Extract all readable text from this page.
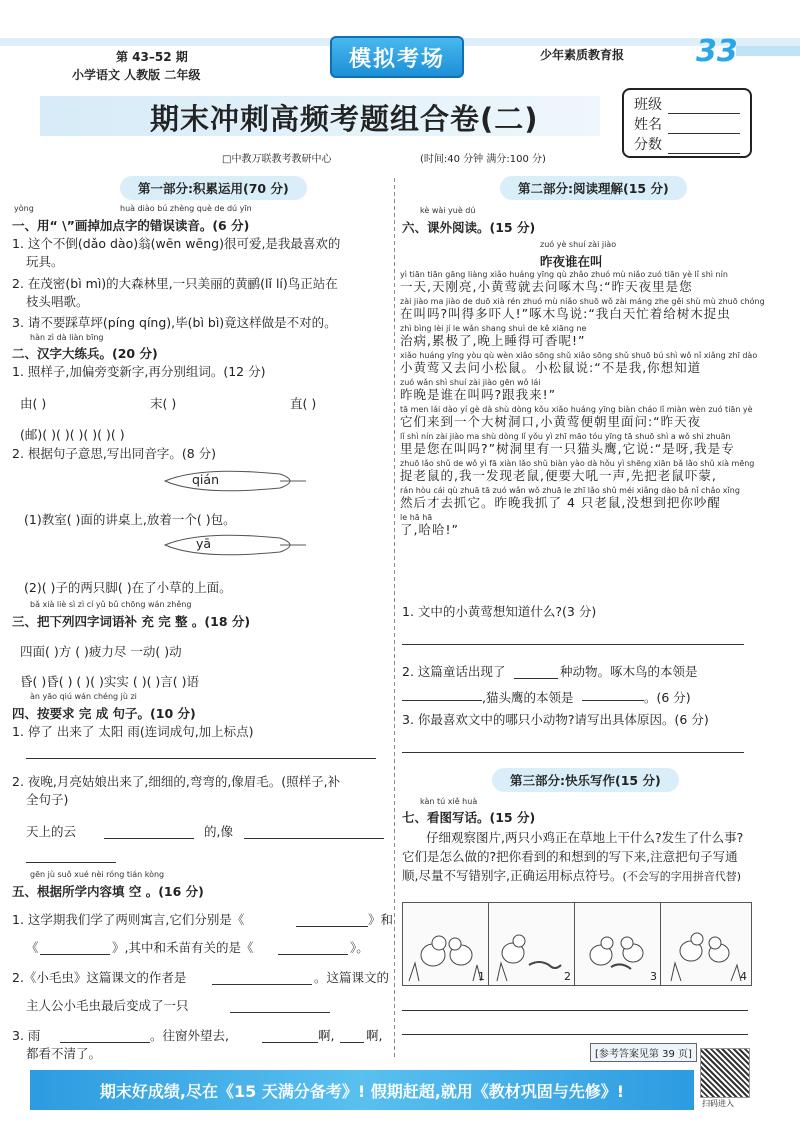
第 43–52 期
小学语文 人教版 二年级
模拟考场	少年素质教育报 33
期末冲刺高频考题组合卷(二)	班级
姓名
分数
□中教万联教考教研中心	(时间:40 分钟 满分:100 分)
第一部分:积累运用(70 分)
yòng	huà diào bú zhèng què de dú yīn
一、用“ \”画掉加点字的错误读音。(6 分)
1. 这个不倒(dǎo dào)翁(wēn wēng)很可爱,是我最喜欢的
玩具。
2. 在茂密(bì mì)的大森林里,一只美丽的黄鹂(lǐ lí)鸟正站在
枝头唱歌。
3. 请不要踩草坪(píng qíng),毕(bì bì)竟这样做是不对的。
hàn zì dà liàn bīng
二、汉字大练兵。(20 分)
1. 照样子,加偏旁变新字,再分别组词。(12 分)
由( )	末( )	直( )
(邮)( )( )( )( )( )( )
2. 根据句子意思,写出同音字。(8 分)
qián
(1)教室( )面的讲桌上,放着一个( )包。
yā
(2)( )子的两只脚( )在了小草的上面。
bǎ xià liè sì zì cí yǔ bǔ chōng wán zhěng
三、把下列四字词语补 充 完 整 。(18 分)
四面( )方 ( )疲力尽 一动( )动
昏( )昏( ) ( )( )实实 ( )( )言( )语
àn yāo qiú wán chéng jù zi
四、按要求 完 成 句子。(10 分)
1. 停了 出来了 太阳 雨(连词成句,加上标点)
2. 夜晚,月亮姑娘出来了,细细的,弯弯的,像眉毛。(照样子,补
全句子)
天上的云	的,像
gēn jù suǒ xué nèi róng tián kòng
五、根据所学内容填 空 。(16 分)
1. 这学期我们学了两则寓言,它们分别是《	》和
《	》,其中和禾苗有关的是《	》。
2.《小毛虫》这篇课文的作者是	。这篇课文的
主人公小毛虫最后变成了一只
3. 雨	。往窗外望去,	啊,	啊,
都看不清了。
第二部分:阅读理解(15 分)
kè wài yuè dú
六、课外阅读。(15 分)
zuó yè shuí zài jiào
昨夜谁在叫
yì tiān tiān gāng liàng xiǎo huáng yīng qù zhǎo zhuó mù niǎo zuó tiān yè lǐ shì nín
一天,天刚亮,小黄莺就去问啄木鸟:“昨天夜里是您
zài jiào ma jiào de duō xià rén zhuó mù niǎo shuō wǒ zài máng zhe gěi shù mù zhuō chóng
在叫吗?叫得多吓人!”啄木鸟说:“我白天忙着给树木捉虫
zhì bìng lèi jí le wǎn shang shuì de kě xiāng ne
治病,累极了,晚上睡得可香呢!”
xiǎo huáng yīng yòu qù wèn xiǎo sōng shǔ xiǎo sōng shǔ shuō bú shì wǒ nǐ xiǎng zhī dào
小黄莺又去问小松鼠。小松鼠说:“不是我,你想知道
zuó wǎn shì shuí zài jiào gēn wǒ lái
昨晚是谁在叫吗?跟我来!”
tā men lái dào yí gè dà shù dòng kǒu xiǎo huáng yīng biàn cháo lǐ miàn wèn zuó tiān yè
它们来到一个大树洞口,小黄莺便朝里面问:“昨天夜
lǐ shì nín zài jiào ma shù dòng lǐ yǒu yì zhī māo tóu yīng tā shuō shì a wǒ shì zhuān
里是您在叫吗?”树洞里有一只猫头鹰,它说:“是呀,我是专
zhuō lǎo shǔ de wǒ yì fā xiàn lǎo shǔ biàn yào dà hǒu yì shēng xiān bǎ lǎo shǔ xià mēng
捉老鼠的,我一发现老鼠,便要大吼一声,先把老鼠吓蒙,
rán hòu cái qù zhuā tā zuó wǎn wǒ zhuā le zhī lǎo shǔ méi xiǎng dào bǎ nǐ chǎo xǐng
然后才去抓它。昨晚我抓了 4 只老鼠,没想到把你吵醒
le hā hā
了,哈哈!”
1. 文中的小黄莺想知道什么?(3 分)
2. 这篇童话出现了	种动物。啄木鸟的本领是
,猫头鹰的本领是	。(6 分)
3. 你最喜欢文中的哪只小动物?请写出具体原因。(6 分)
第三部分:快乐写作(15 分)
kàn tú xiě huà
七、看图写话。(15 分)
仔细观察图片,两只小鸡正在草地上干什么?发生了什么事?它们是怎么做的?把你看到的和想到的写下来,注意把句子写通顺,尽量不写错别字,正确运用标点符号。(不会写的字用拼音代替)
1	2	3	4
[参考答案见第 39 页]
期末好成绩,尽在《15 天满分备考》! 假期赶超,就用《教材巩固与先修》!
扫码进入
